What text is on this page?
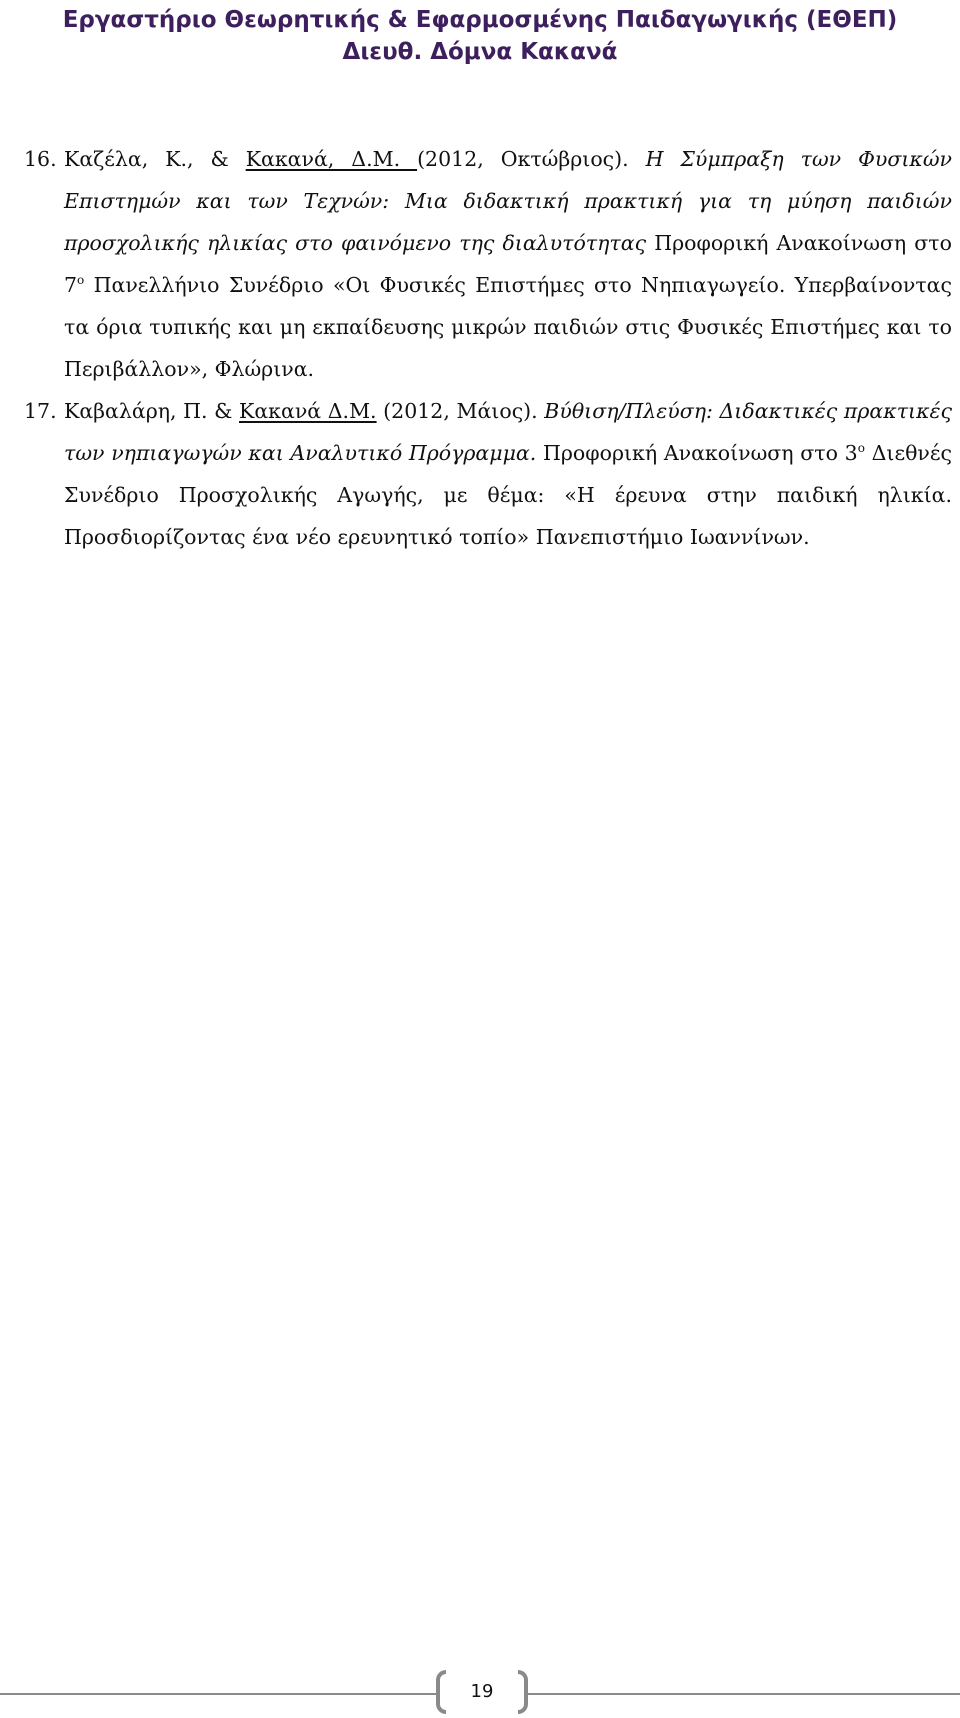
Εργαστήριο Θεωρητικής & Εφαρμοσμένης Παιδαγωγικής (ΕΘΕΠ)
Διευθ. Δόμνα Κακανά
16. Καζέλα, Κ., & Κακανά, Δ.Μ. (2012, Οκτώβριος). Η Σύμπραξη των Φυσικών Επιστημών και των Τεχνών: Μια διδακτική πρακτική για τη μύηση παιδιών προσχολικής ηλικίας στο φαινόμενο της διαλυτότητας Προφορική Ανακοίνωση στο $7^o$ Πανελλήνιο Συνέδριο «Οι Φυσικές Επιστήμες στο Νηπιαγωγείο. Υπερβαίνοντας τα όρια τυπικής και μη εκπαίδευσης μικρών παιδιών στις Φυσικές Επιστήμες και το Περιβάλλον», Φλώρινα.
17. Καβαλάρη, Π. & Κακανά Δ.Μ. (2012, Μάιος). Βύθιση/Πλεύση: Διδακτικές πρακτικές των νηπιαγωγών και Αναλυτικό Πρόγραμμα. Προφορική Ανακοίνωση στο $3^o$ Διεθνές Συνέδριο Προσχολικής Αγωγής, με θέμα: «Η έρευνα στην παιδική ηλικία. Προσδιορίζοντας ένα νέο ερευνητικό τοπίο» Πανεπιστήμιο Ιωαννίνων.
19
